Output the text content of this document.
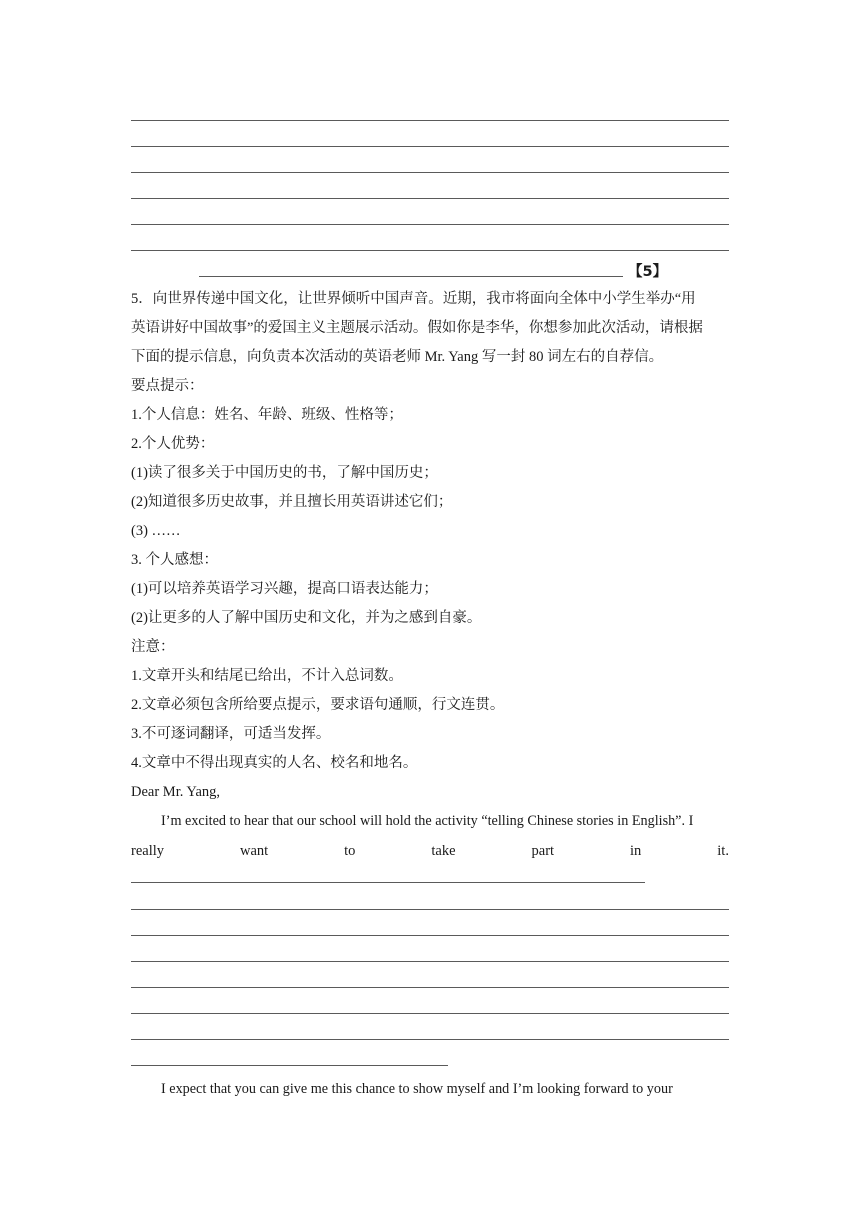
【5】
5．向世界传递中国文化，让世界倾听中国声音。近期，我市将面向全体中小学生举办“用
英语讲好中国故事”的爱国主义主题展示活动。假如你是李华，你想参加此次活动，请根据
下面的提示信息，向负责本次活动的英语老师 Mr. Yang 写一封 80 词左右的自荐信。
要点提示：
1.个人信息：姓名、年龄、班级、性格等；
2.个人优势：
(1)读了很多关于中国历史的书，了解中国历史；
(2)知道很多历史故事，并且擅长用英语讲述它们；
(3) ……
3. 个人感想：
(1)可以培养英语学习兴趣，提高口语表达能力；
(2)让更多的人了解中国历史和文化，并为之感到自豪。
注意：
1.文章开头和结尾已给出，不计入总词数。
2.文章必须包含所给要点提示，要求语句通顺，行文连贯。
3.不可逐词翻译，可适当发挥。
4.文章中不得出现真实的人名、校名和地名。
Dear Mr. Yang,
I’m excited to hear that our school will hold the activity “telling Chinese stories in English”. I
really	want	to	take	part	in	it.
I expect that you can give me this chance to show myself and I’m looking forward to your
